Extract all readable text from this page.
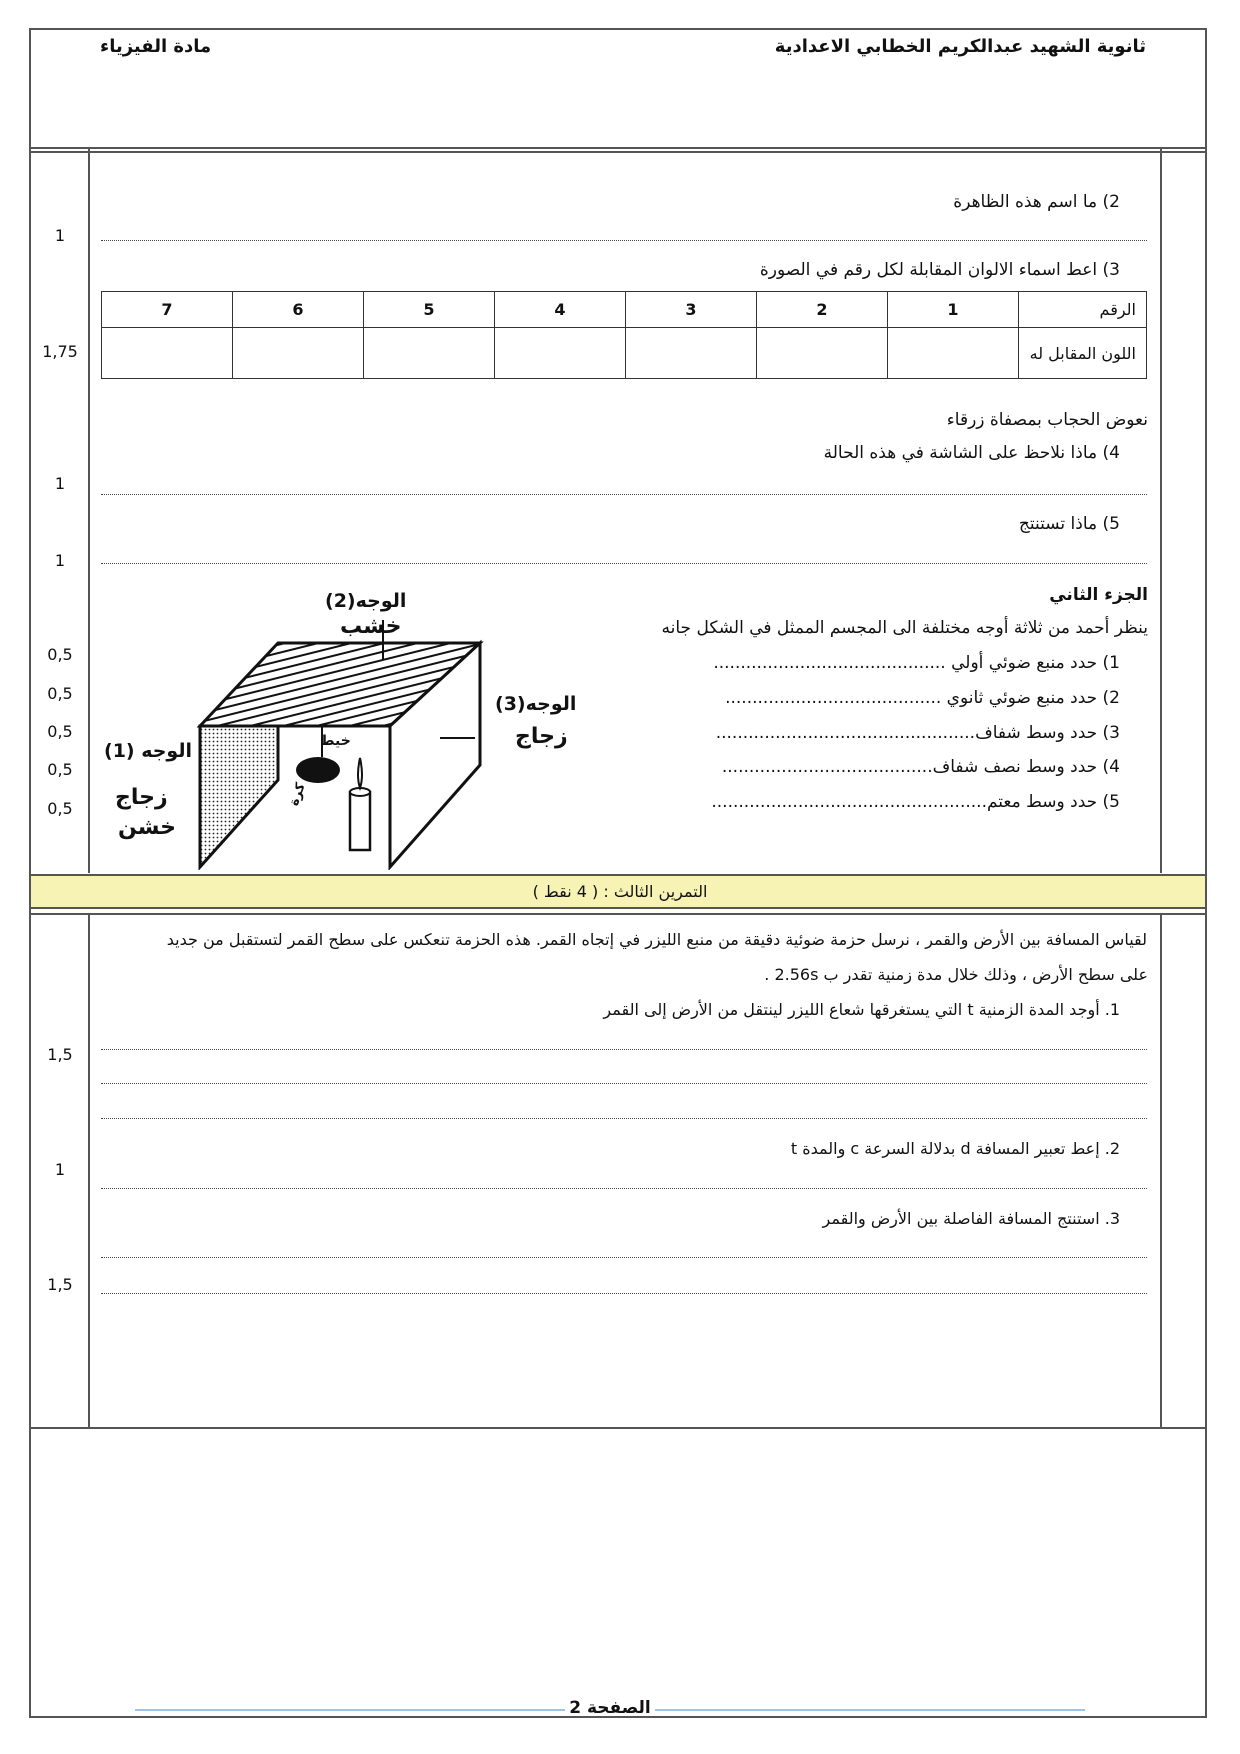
التمرين الثالث : ( 4 نقط )
ثانوية الشهيد عبدالكريم الخطابي الاعدادية
مادة الفيزياء
2) ما اسم هذه الظاهرة
3) اعط اسماء الالوان المقابلة لكل رقم في الصورة
7	6	5	4	3	2	1	الرقم
							اللون المقابل له
نعوض الحجاب بمصفاة زرقاء
4) ماذا نلاحظ على الشاشة في هذه الحالة
5) ماذا تستنتج
1
1,75
1
1
الجزء الثاني
ينظر أحمد من ثلاثة أوجه مختلفة الى المجسم الممثل في الشكل جانه
1) حدد منبع ضوئي أولي ...........................................
2) حدد منبع ضوئي ثانوي ........................................
3) حدد وسط شفاف................................................
4) حدد وسط نصف شفاف.......................................
5) حدد وسط معتم...................................................
0,5
0,5
0,5
0,5
0,5
الوجه(2)
خشب
الوجه(3)
زجاج
الوجه (1)
زجاج
خشن
خيط
كرة
لقياس المسافة بين الأرض والقمر ، نرسل حزمة ضوئية دقيقة من منبع الليزر في إتجاه القمر. هذه الحزمة تنعكس على سطح القمر لتستقبل من جديد
على سطح الأرض ، وذلك خلال مدة زمنية تقدر ب 2.56s .
1. أوجد المدة الزمنية t التي يستغرقها شعاع الليزر لينتقل من الأرض إلى القمر
2. إعط تعبير المسافة d بدلالة السرعة c والمدة t
3. استنتج المسافة الفاصلة بين الأرض والقمر
1,5
1
1,5
الصفحة 2
